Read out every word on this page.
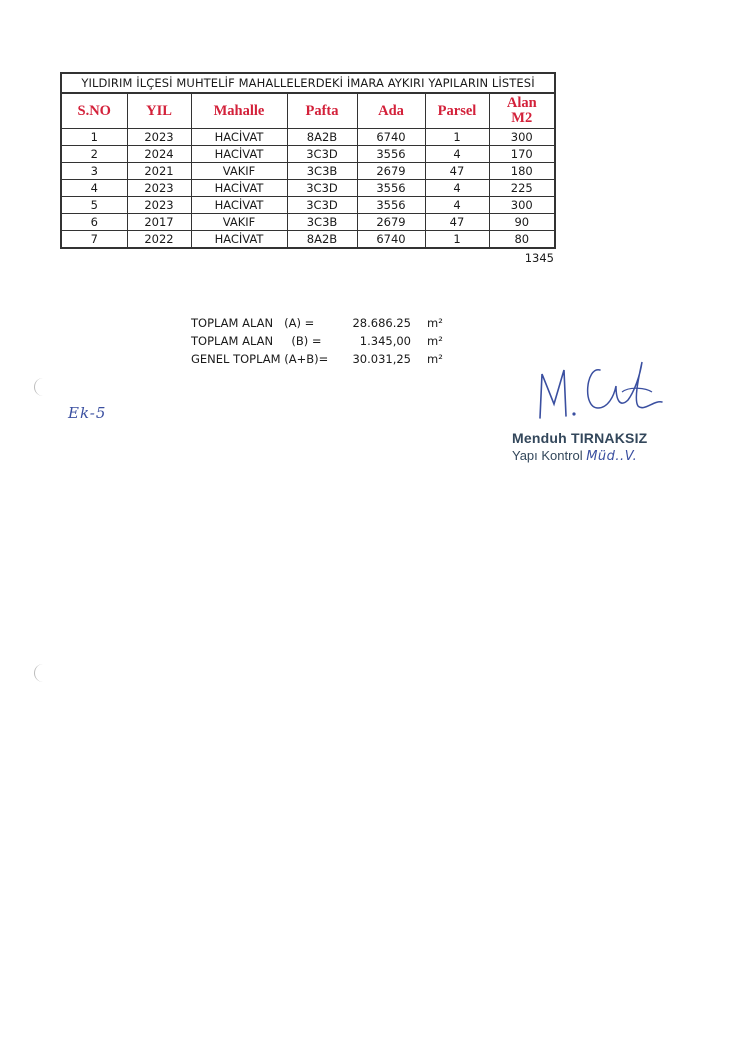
YILDIRIM İLÇESİ MUHTELİF MAHALLELERDEKİ İMARA AYKIRI YAPILARIN LİSTESİ						
S.NO	YIL	Mahalle	Pafta	Ada	Parsel	Alan
M2
1	2023	HACİVAT	8A2B	6740	1	300
2	2024	HACİVAT	3C3D	3556	4	170
3	2021	VAKIF	3C3B	2679	47	180
4	2023	HACİVAT	3C3D	3556	4	225
5	2023	HACİVAT	3C3D	3556	4	300
6	2017	VAKIF	3C3B	2679	47	90
7	2022	HACİVAT	8A2B	6740	1	80
1345
TOPLAM ALAN   (A) =	28.686.25 m²
TOPLAM ALAN     (B) =	1.345,00 m²
GENEL TOPLAM (A+B)= 30.031,25 m²
Ek-5
Menduh TIRNAKSIZ
Yapı Kontrol Müd..V.
